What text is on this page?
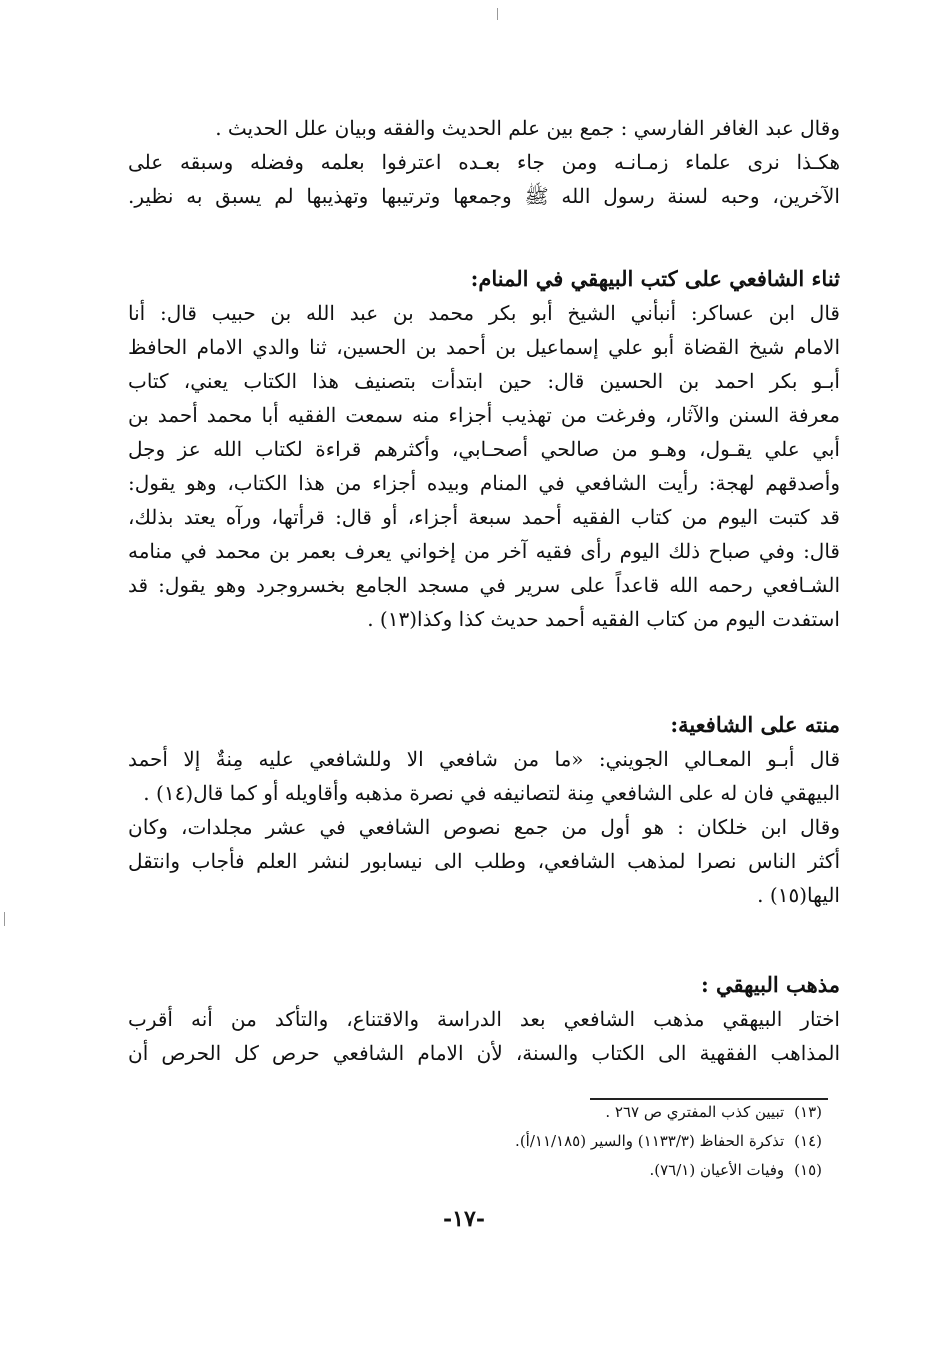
وقال عبد الغافر الفارسي : جمع بين علم الحديث والفقه وبيان علل الحديث .
هكـذا نرى علماء زمـانـه ومن جاء بعـده اعترفوا بعلمه وفضله وسبقه على
الآخرين، وحبه لسنة رسول الله ﷺ وجمعها وترتيبها وتهذيبها لم يسبق به نظير.
ثناء الشافعي على كتب البيهقي في المنام:
قال ابن عساكر: أنبأني الشيخ أبو بكر محمد بن عبد الله بن حبيب قال: أنا
الامام شيخ القضاة أبو علي إسماعيل بن أحمد بن الحسين، ثنا والدي الامام الحافظ
أبـو بكر احمد بن الحسين قال: حين ابتدأت بتصنيف هذا الكتاب يعني، كتاب
معرفة السنن والآثار، وفرغت من تهذيب أجزاء منه سمعت الفقيه أبا محمد أحمد بن
أبي علي يقـول، وهـو من صالحي أصحـابي، وأكثرهم قراءة لكتاب الله عز وجل
وأصدقهم لهجة: رأيت الشافعي في المنام وبيده أجزاء من هذا الكتاب، وهو يقول:
قد كتبت اليوم من كتاب الفقيه أحمد سبعة أجزاء، أو قال: قرأتها، ورآه يعتد بذلك،
قال: وفي صباح ذلك اليوم رأى فقيه آخر من إخواني يعرف بعمر بن محمد في منامه
الشـافعي رحمه الله قاعداً على سرير في مسجد الجامع بخسروجرد وهو يقول: قد
استفدت اليوم من كتاب الفقيه أحمد حديث كذا وكذا(١٣) .
منته على الشافعية:
قال أبـو المعـالي الجويني: «ما من شافعي الا وللشافعي عليه مِنةٌ إلا أحمد
البيهقي فان له على الشافعي مِنة لتصانيفه في نصرة مذهبه وأقاويله أو كما قال(١٤) .
وقال ابن خلكان : هو أول من جمع نصوص الشافعي في عشر مجلدات، وكان
أكثر الناس نصرا لمذهب الشافعي، وطلب الى نيسابور لنشر العلم فأجاب وانتقل
اليها(١٥) .
مذهب البيهقي :
اختار البيهقي مذهب الشافعي بعد الدراسة والاقتناع، والتأكد من أنه أقرب
المذاهب الفقهية الى الكتاب والسنة، لأن الامام الشافعي حرص كل الحرص أن
(١٣)تبيين كذب المفتري ص ٢٦٧ .
(١٤)تذكرة الحفاظ (١١٣٣/٣) والسير (١١/١٨٥/أ).
(١٥)وفيات الأعيان (٧٦/١).
-١٧-
